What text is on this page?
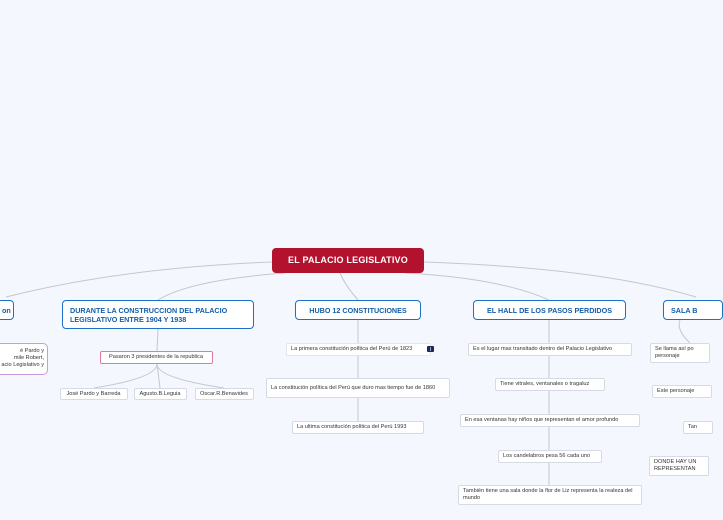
EL PALACIO LEGISLATIVO
on
é Pardo y
mile Robert,
acio Legislativo y
DURANTE LA CONSTRUCCION DEL PALACIO LEGISLATIVO ENTRE 1904 Y 1938
Pasaron 3 presidentes de la republica
José Pardo y Barreda	Agusto.B.Leguia	Oscar.R.Benavides
HUBO 12 CONSTITUCIONES
La primera constitución política del Perú de 1823
La constitución política del Perú que duro mas tiempo fue de 1860
La ultima constitución política del Perú 1993
EL HALL DE LOS PASOS PERDIDOS
Es el lugar mas transitado dentro del Palacio Legislativo
Tiene vitrales, ventanales o tragaluz
En esa ventanas hay niños que representan el amor profundo
Los candelabros pesa 56 cada uno
También tiene una sala donde la flor de Liz representa la realeza del mundo
SALA B
Se llama así po personaje
Este personaje
Tan
DONDE HAY UN REPRESENTAN
